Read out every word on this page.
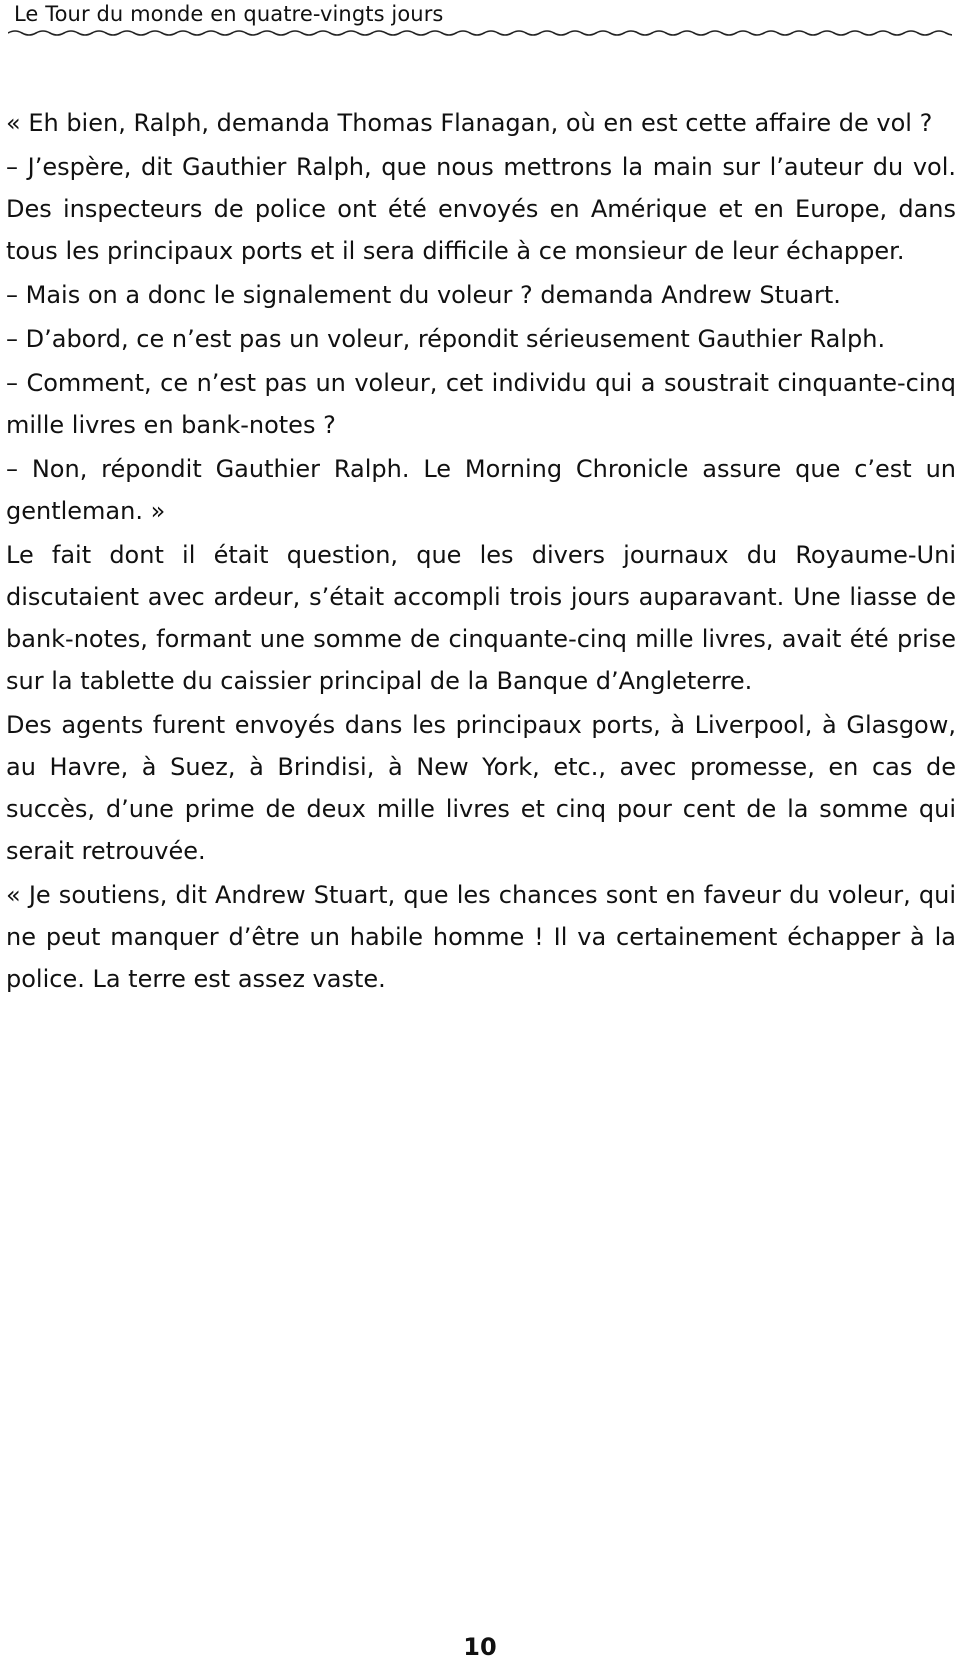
Le Tour du monde en quatre-vingts jours

« Eh bien, Ralph, demanda Thomas Flanagan, où en est cette affaire de vol ?

– J’espère, dit Gauthier Ralph, que nous mettrons la main sur l’auteur du vol. Des inspecteurs de police ont été envoyés en Amérique et en Europe, dans tous les principaux ports et il sera difficile à ce monsieur de leur échapper.

– Mais on a donc le signalement du voleur ? demanda Andrew Stuart.

– D’abord, ce n’est pas un voleur, répondit sérieusement Gauthier Ralph.

– Comment, ce n’est pas un voleur, cet individu qui a soustrait cinquante-cinq mille livres en bank-notes ?

– Non, répondit Gauthier Ralph. Le Morning Chronicle assure que c’est un gentleman. »

Le fait dont il était question, que les divers journaux du Royaume-Uni discutaient avec ardeur, s’était accompli trois jours auparavant. Une liasse de bank-notes, formant une somme de cinquante-cinq mille livres, avait été prise sur la tablette du caissier principal de la Banque d’Angleterre.

Des agents furent envoyés dans les principaux ports, à Liverpool, à Glasgow, au Havre, à Suez, à Brindisi, à New York, etc., avec promesse, en cas de succès, d’une prime de deux mille livres et cinq pour cent de la somme qui serait retrouvée.

« Je soutiens, dit Andrew Stuart, que les chances sont en faveur du voleur, qui ne peut manquer d’être un habile homme ! Il va certainement échapper à la police. La terre est assez vaste.

10
